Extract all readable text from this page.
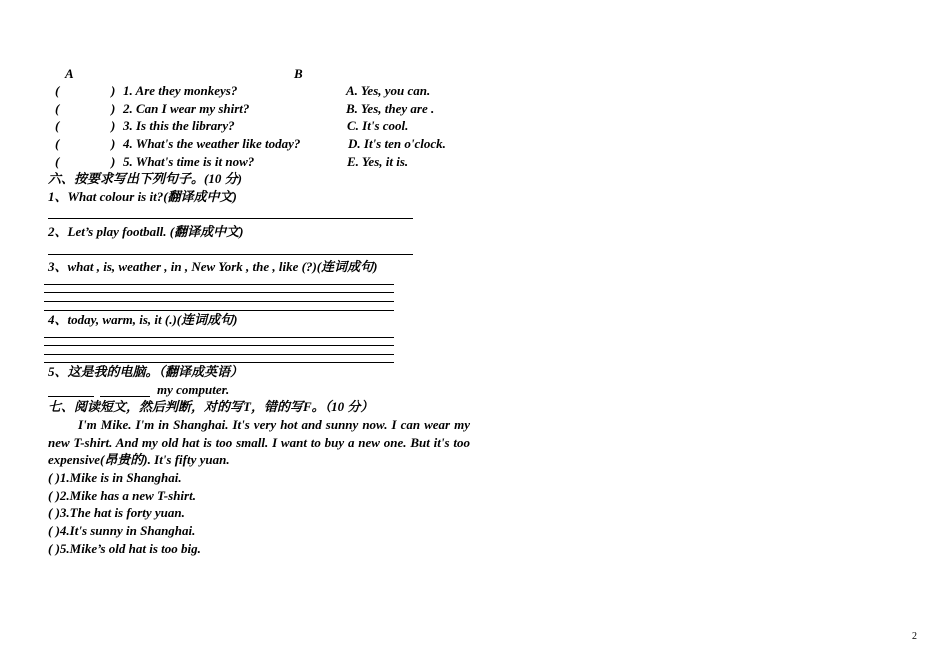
A	B
(	) 1. Are they monkeys?	A. Yes, you can.
(	) 2. Can I wear my shirt?	B. Yes, they are .
(	) 3. Is this the library?	C. It's cool.
(	) 4. What's the weather like today?	D. It's ten o'clock.
(	) 5. What's time is it now?	E. Yes, it is.
六、按要求写出下列句子。(10 分)
1、What colour is it?(翻译成中文)
2、Let’s play football. (翻译成中文)
3、what , is, weather , in , New York , the , like (?)(连词成句)
4、today, warm, is, it (.)(连词成句)
5、这是我的电脑。（翻译成英语）
my computer.
七、阅读短文，然后判断，对的写T，错的写F。（10 分）
I'm Mike. I'm in Shanghai. It's very hot and sunny now. I can wear my new T-shirt. And my old hat is too small. I want to buy a new one. But it's too expensive(昂贵的). It's fifty yuan.
( )1.Mike is in Shanghai.
( )2.Mike has a new T-shirt.
( )3.The hat is forty yuan.
( )4.It's sunny in Shanghai.
( )5.Mike’s old hat is too big.
2
